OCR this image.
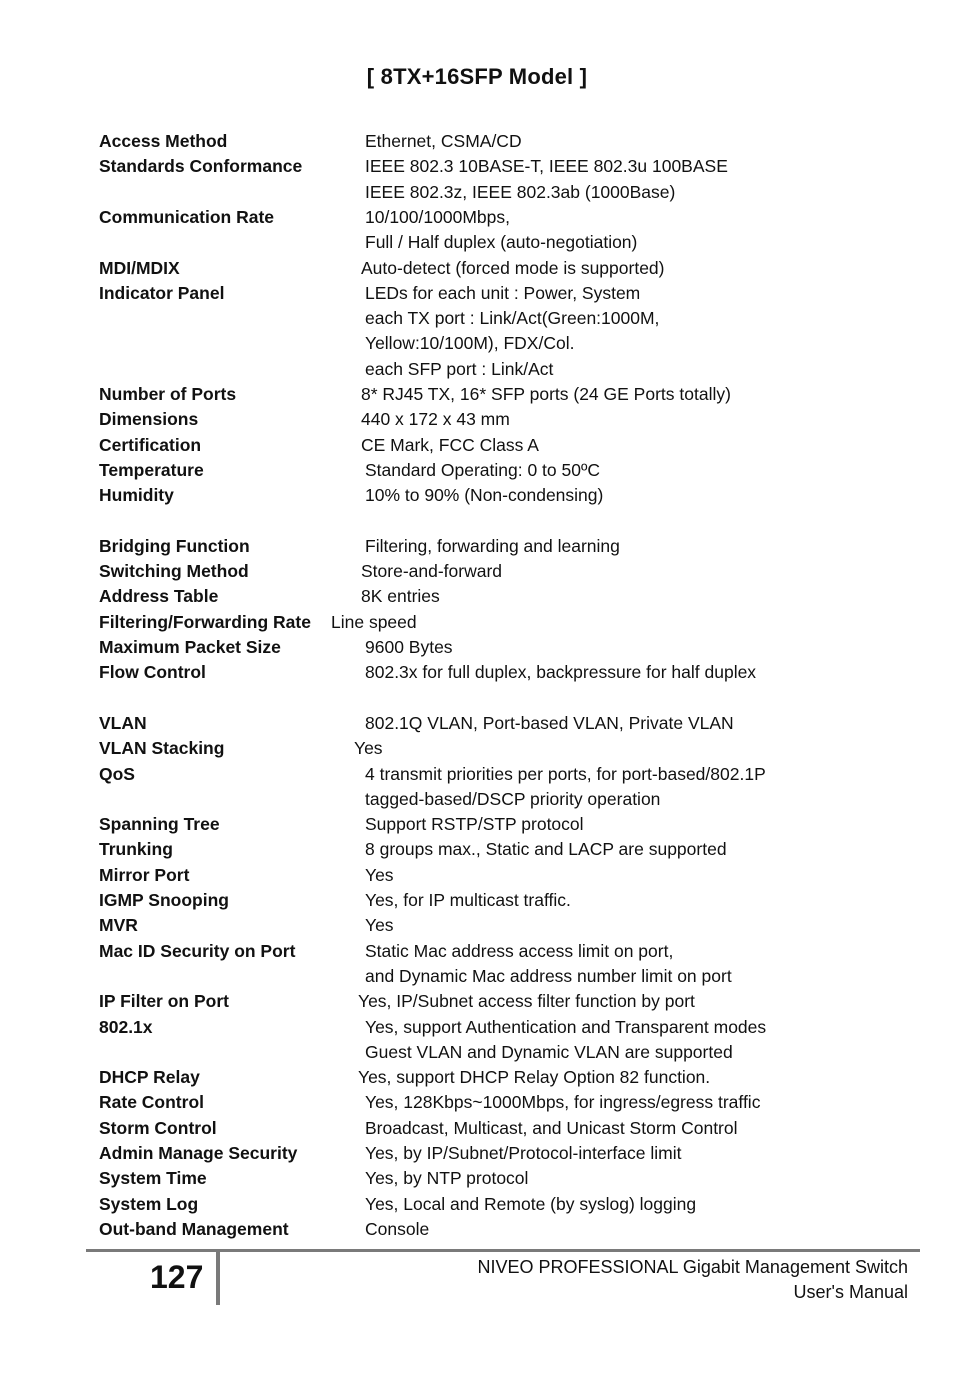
[ 8TX+16SFP Model ]
Access Method	Ethernet, CSMA/CD
Standards Conformance	IEEE 802.3 10BASE-T, IEEE 802.3u 100BASE
IEEE 802.3z, IEEE 802.3ab (1000Base)
Communication Rate	10/100/1000Mbps,
Full / Half duplex (auto-negotiation)
MDI/MDIX	Auto-detect (forced mode is supported)
Indicator Panel	LEDs for each unit : Power, System
each TX port : Link/Act(Green:1000M,
Yellow:10/100M), FDX/Col.
each SFP port : Link/Act
Number of Ports	8* RJ45 TX, 16* SFP ports (24 GE Ports totally)
Dimensions	440 x 172 x 43 mm
Certification	CE Mark, FCC Class A
Temperature	Standard Operating: 0 to 50ºC
Humidity	10% to 90% (Non-condensing)
Bridging Function	Filtering, forwarding and learning
Switching Method	Store-and-forward
Address Table	8K entries
Filtering/Forwarding Rate Line speed
Maximum Packet Size	9600 Bytes
Flow Control	802.3x for full duplex, backpressure for half duplex
VLAN	802.1Q VLAN, Port-based VLAN, Private VLAN
VLAN Stacking	Yes
QoS	4 transmit priorities per ports, for port-based/802.1P
tagged-based/DSCP priority operation
Spanning Tree	Support RSTP/STP protocol
Trunking	8 groups max., Static and LACP are supported
Mirror Port	Yes
IGMP Snooping	Yes, for IP multicast traffic.
MVR	Yes
Mac ID Security on Port	Static Mac address access limit on port,
and Dynamic Mac address number limit on port
IP Filter on Port	Yes, IP/Subnet access filter function by port
802.1x	Yes, support Authentication and Transparent modes
Guest VLAN and Dynamic VLAN are supported
DHCP Relay	Yes, support DHCP Relay Option 82 function.
Rate Control	Yes, 128Kbps~1000Mbps, for ingress/egress traffic
Storm Control	Broadcast, Multicast, and Unicast Storm Control
Admin Manage Security	Yes, by IP/Subnet/Protocol-interface limit
System Time	Yes, by NTP protocol
System Log	Yes, Local and Remote (by syslog) logging
Out-band Management	Console
127	NIVEO PROFESSIONAL Gigabit Management Switch
User's Manual
